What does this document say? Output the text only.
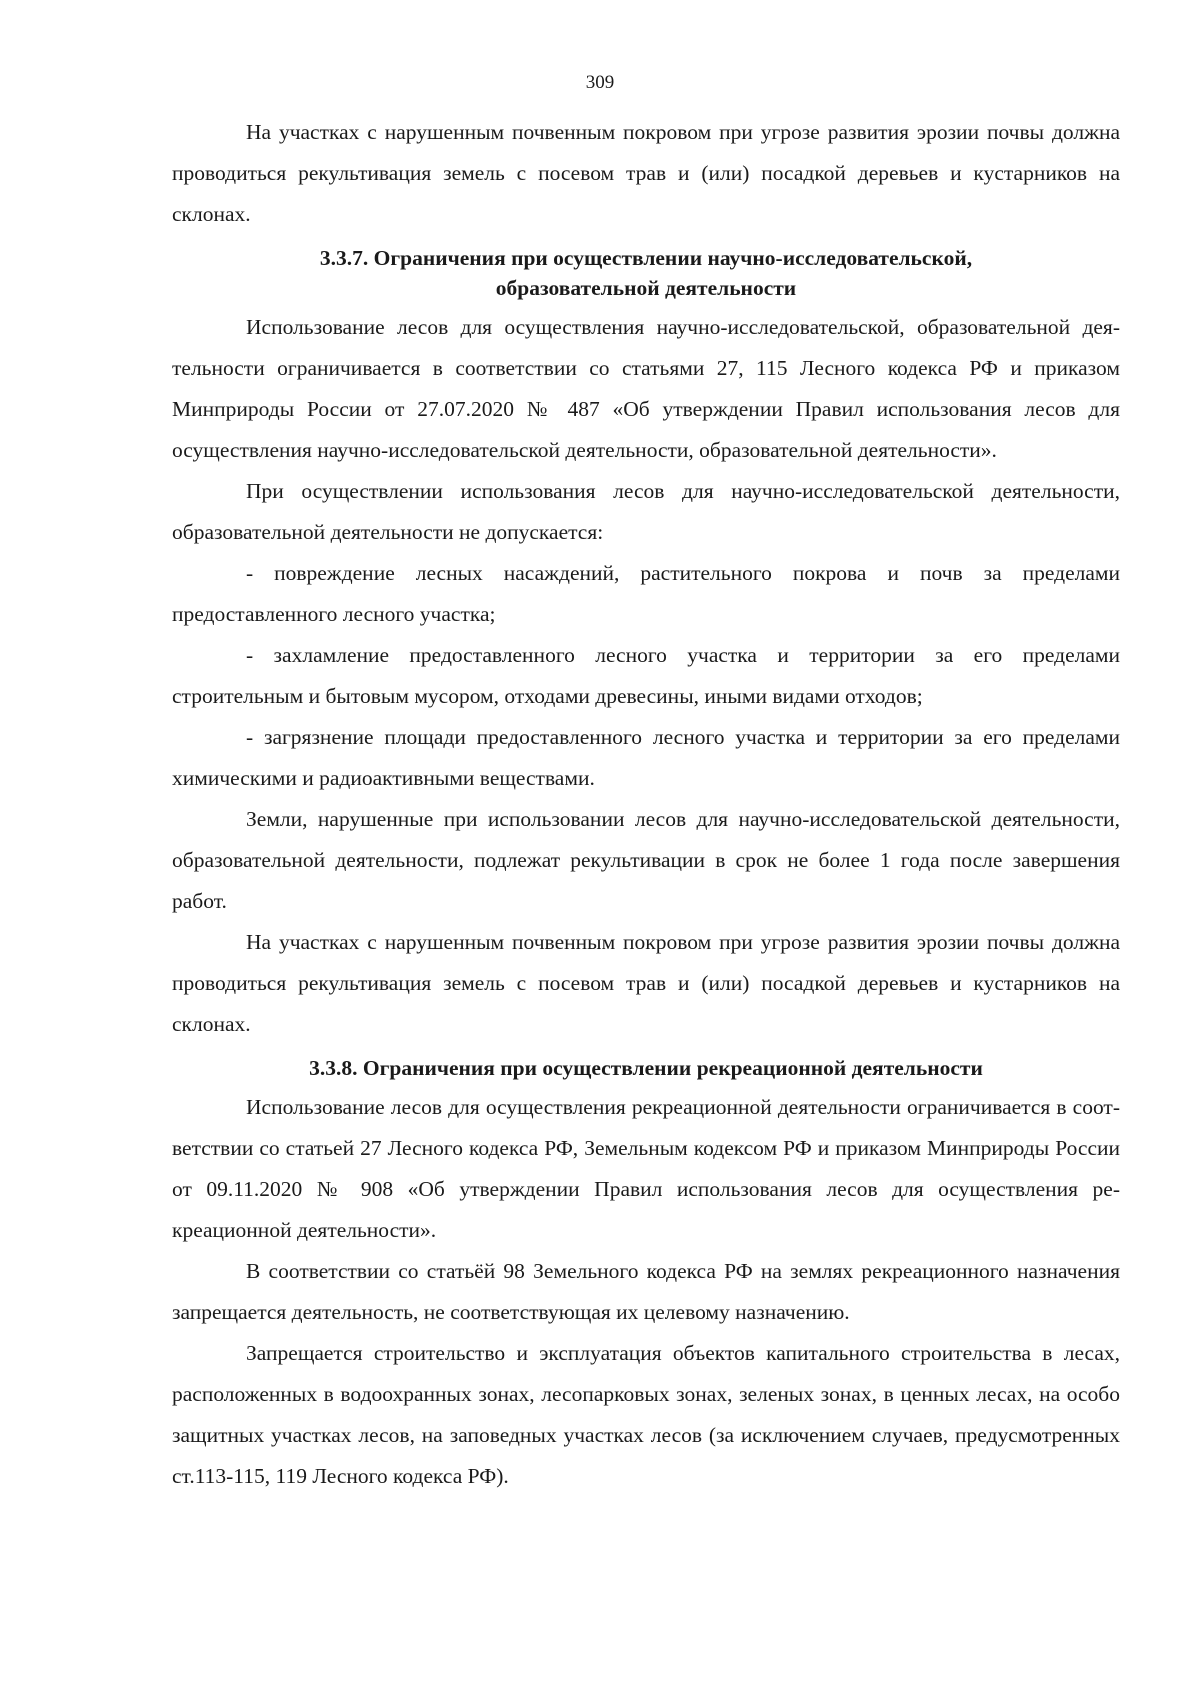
309

На участках с нарушенным почвенным покровом при угрозе развития эрозии почвы должна проводиться рекультивация земель с посевом трав и (или) посадкой деревьев и кустарников на склонах.

3.3.7. Ограничения при осуществлении научно-исследовательской,
образовательной деятельности

Использование лесов для осуществления научно-исследовательской, образовательной деятельности ограничивается в соответствии со статьями 27, 115 Лесного кодекса РФ и приказом Минприроды России от 27.07.2020 № 487 «Об утверждении Правил использования лесов для осуществления научно-исследовательской деятельности, образовательной деятельности».

При осуществлении использования лесов для научно-исследовательской деятельности, образовательной деятельности не допускается:

- повреждение лесных насаждений, растительного покрова и почв за пределами предоставленного лесного участка;

- захламление предоставленного лесного участка и территории за его пределами строительным и бытовым мусором, отходами древесины, иными видами отходов;

- загрязнение площади предоставленного лесного участка и территории за его пределами химическими и радиоактивными веществами.

Земли, нарушенные при использовании лесов для научно-исследовательской деятельности, образовательной деятельности, подлежат рекультивации в срок не более 1 года после завершения работ.

На участках с нарушенным почвенным покровом при угрозе развития эрозии почвы должна проводиться рекультивация земель с посевом трав и (или) посадкой деревьев и кустарников на склонах.

3.3.8. Ограничения при осуществлении рекреационной деятельности

Использование лесов для осуществления рекреационной деятельности ограничивается в соответствии со статьей 27 Лесного кодекса РФ, Земельным кодексом РФ и приказом Минприроды России от 09.11.2020 № 908 «Об утверждении Правил использования лесов для осуществления рекреационной деятельности».

В соответствии со статьёй 98 Земельного кодекса РФ на землях рекреационного назначения запрещается деятельность, не соответствующая их целевому назначению.

Запрещается строительство и эксплуатация объектов капитального строительства в лесах, расположенных в водоохранных зонах, лесопарковых зонах, зеленых зонах, в ценных лесах, на особо защитных участках лесов, на заповедных участках лесов (за исключением случаев, предусмотренных ст.113-115, 119 Лесного кодекса РФ).
